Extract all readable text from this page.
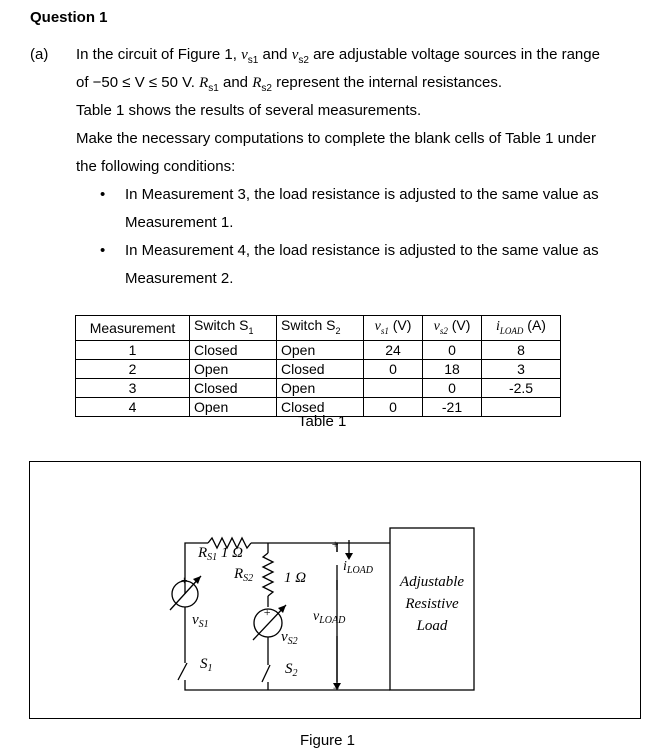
Question 1
(a) In the circuit of Figure 1, $v_{s1}$ and $v_{s2}$ are adjustable voltage sources in the range
of −50 ≤ V ≤ 50 V. $R_{s1}$ and $R_{s2}$ represent the internal resistances.
Table 1 shows the results of several measurements.
Make the necessary computations to complete the blank cells of Table 1 under
the following conditions:
• In Measurement 3, the load resistance is adjusted to the same value as
Measurement 1.
• In Measurement 4, the load resistance is adjusted to the same value as
Measurement 2.
Measurement	Switch $S_1$	Switch $S_2$	$v_{s1}$ (V)	$v_{s2}$ (V)	$i_{LOAD}$ (A)
1	Closed	Open	24	0	8
2	Open	Closed	0	18	3
3	Closed	Open		0	-2.5
4	Open	Closed	0	-21	
Table 1
$R_{S1}$ 1 Ω
$R_{S2}$ 1 Ω
$v_{S1}$
$v_{S2}$
$S_1$	$S_2$
$i_{LOAD}$
$v_{LOAD}$
+
+
+
−
Adjustable
Resistive
Load
Figure 1
